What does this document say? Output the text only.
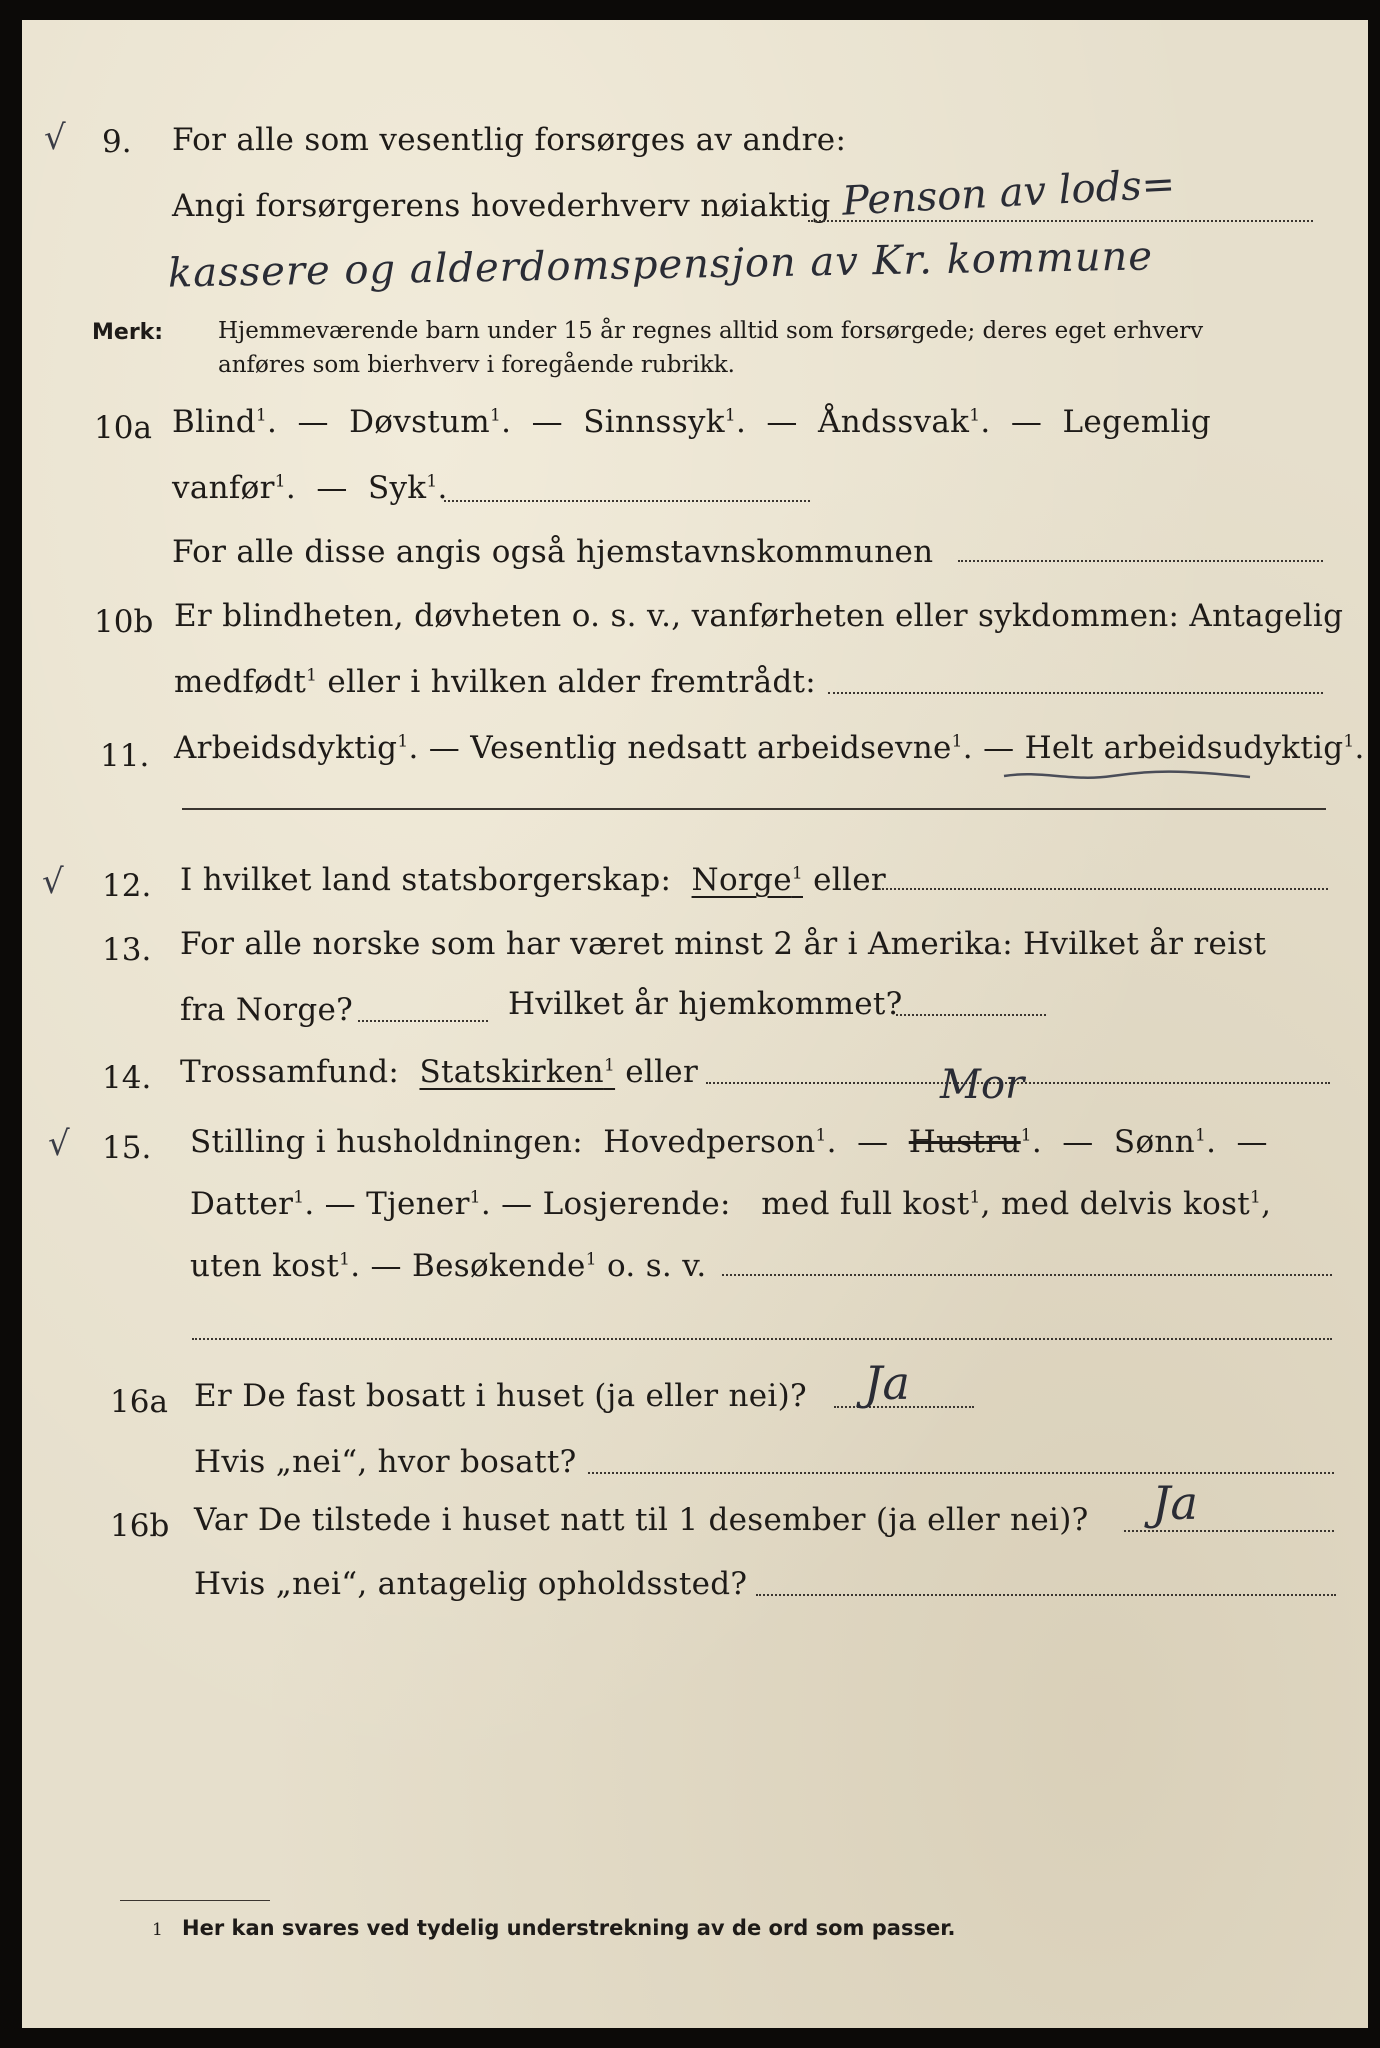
√ 9. For alle som vesentlig forsørges av andre:
Angi forsørgerens hovederhverv nøiaktig Penson av lods=
kassere og alderdomspensjon av Kr. kommune
Merk: Hjemmeværende barn under 15 år regnes alltid som forsørgede; deres eget erhverv
anføres som bierhverv i foregående rubrikk.
10a Blind$^1$. — Døvstum$^1$. — Sinnssyk$^1$. — Åndssvak$^1$. — Legemlig
vanfør$^1$. — Syk$^1$.
For alle disse angis også hjemstavnskommunen
10b Er blindheten, døvheten o. s. v., vanførheten eller sykdommen: Antagelig
medfødt$^1$ eller i hvilken alder fremtrådt:
11. Arbeidsdyktig$^1$. — Vesentlig nedsatt arbeidsevne$^1$. — Helt arbeidsudyktig$^1$.
√ 12. I hvilket land statsborgerskap: Norge$^1$ eller
13. For alle norske som har været minst 2 år i Amerika: Hvilket år reist
fra Norge?	Hvilket år hjemkommet?
14. Trossamfund: Statskirken$^1$ eller
√ 15.
Mor
Stilling i husholdningen: Hovedperson$^1$. — Hustru$^1$.  — Sønn$^1$. —
Datter$^1$. — Tjener$^1$. — Losjerende: med full kost$^1$, med delvis kost$^1$,
uten kost$^1$. — Besøkende$^1$ o. s. v.
16a Er De fast bosatt i huset (ja eller nei)? Ja
Hvis „nei“, hvor bosatt?
16b Var De tilstede i huset natt til 1 desember (ja eller nei)? Ja
Hvis „nei“, antagelig opholdssted?
1 Her kan svares ved tydelig understrekning av de ord som passer.
